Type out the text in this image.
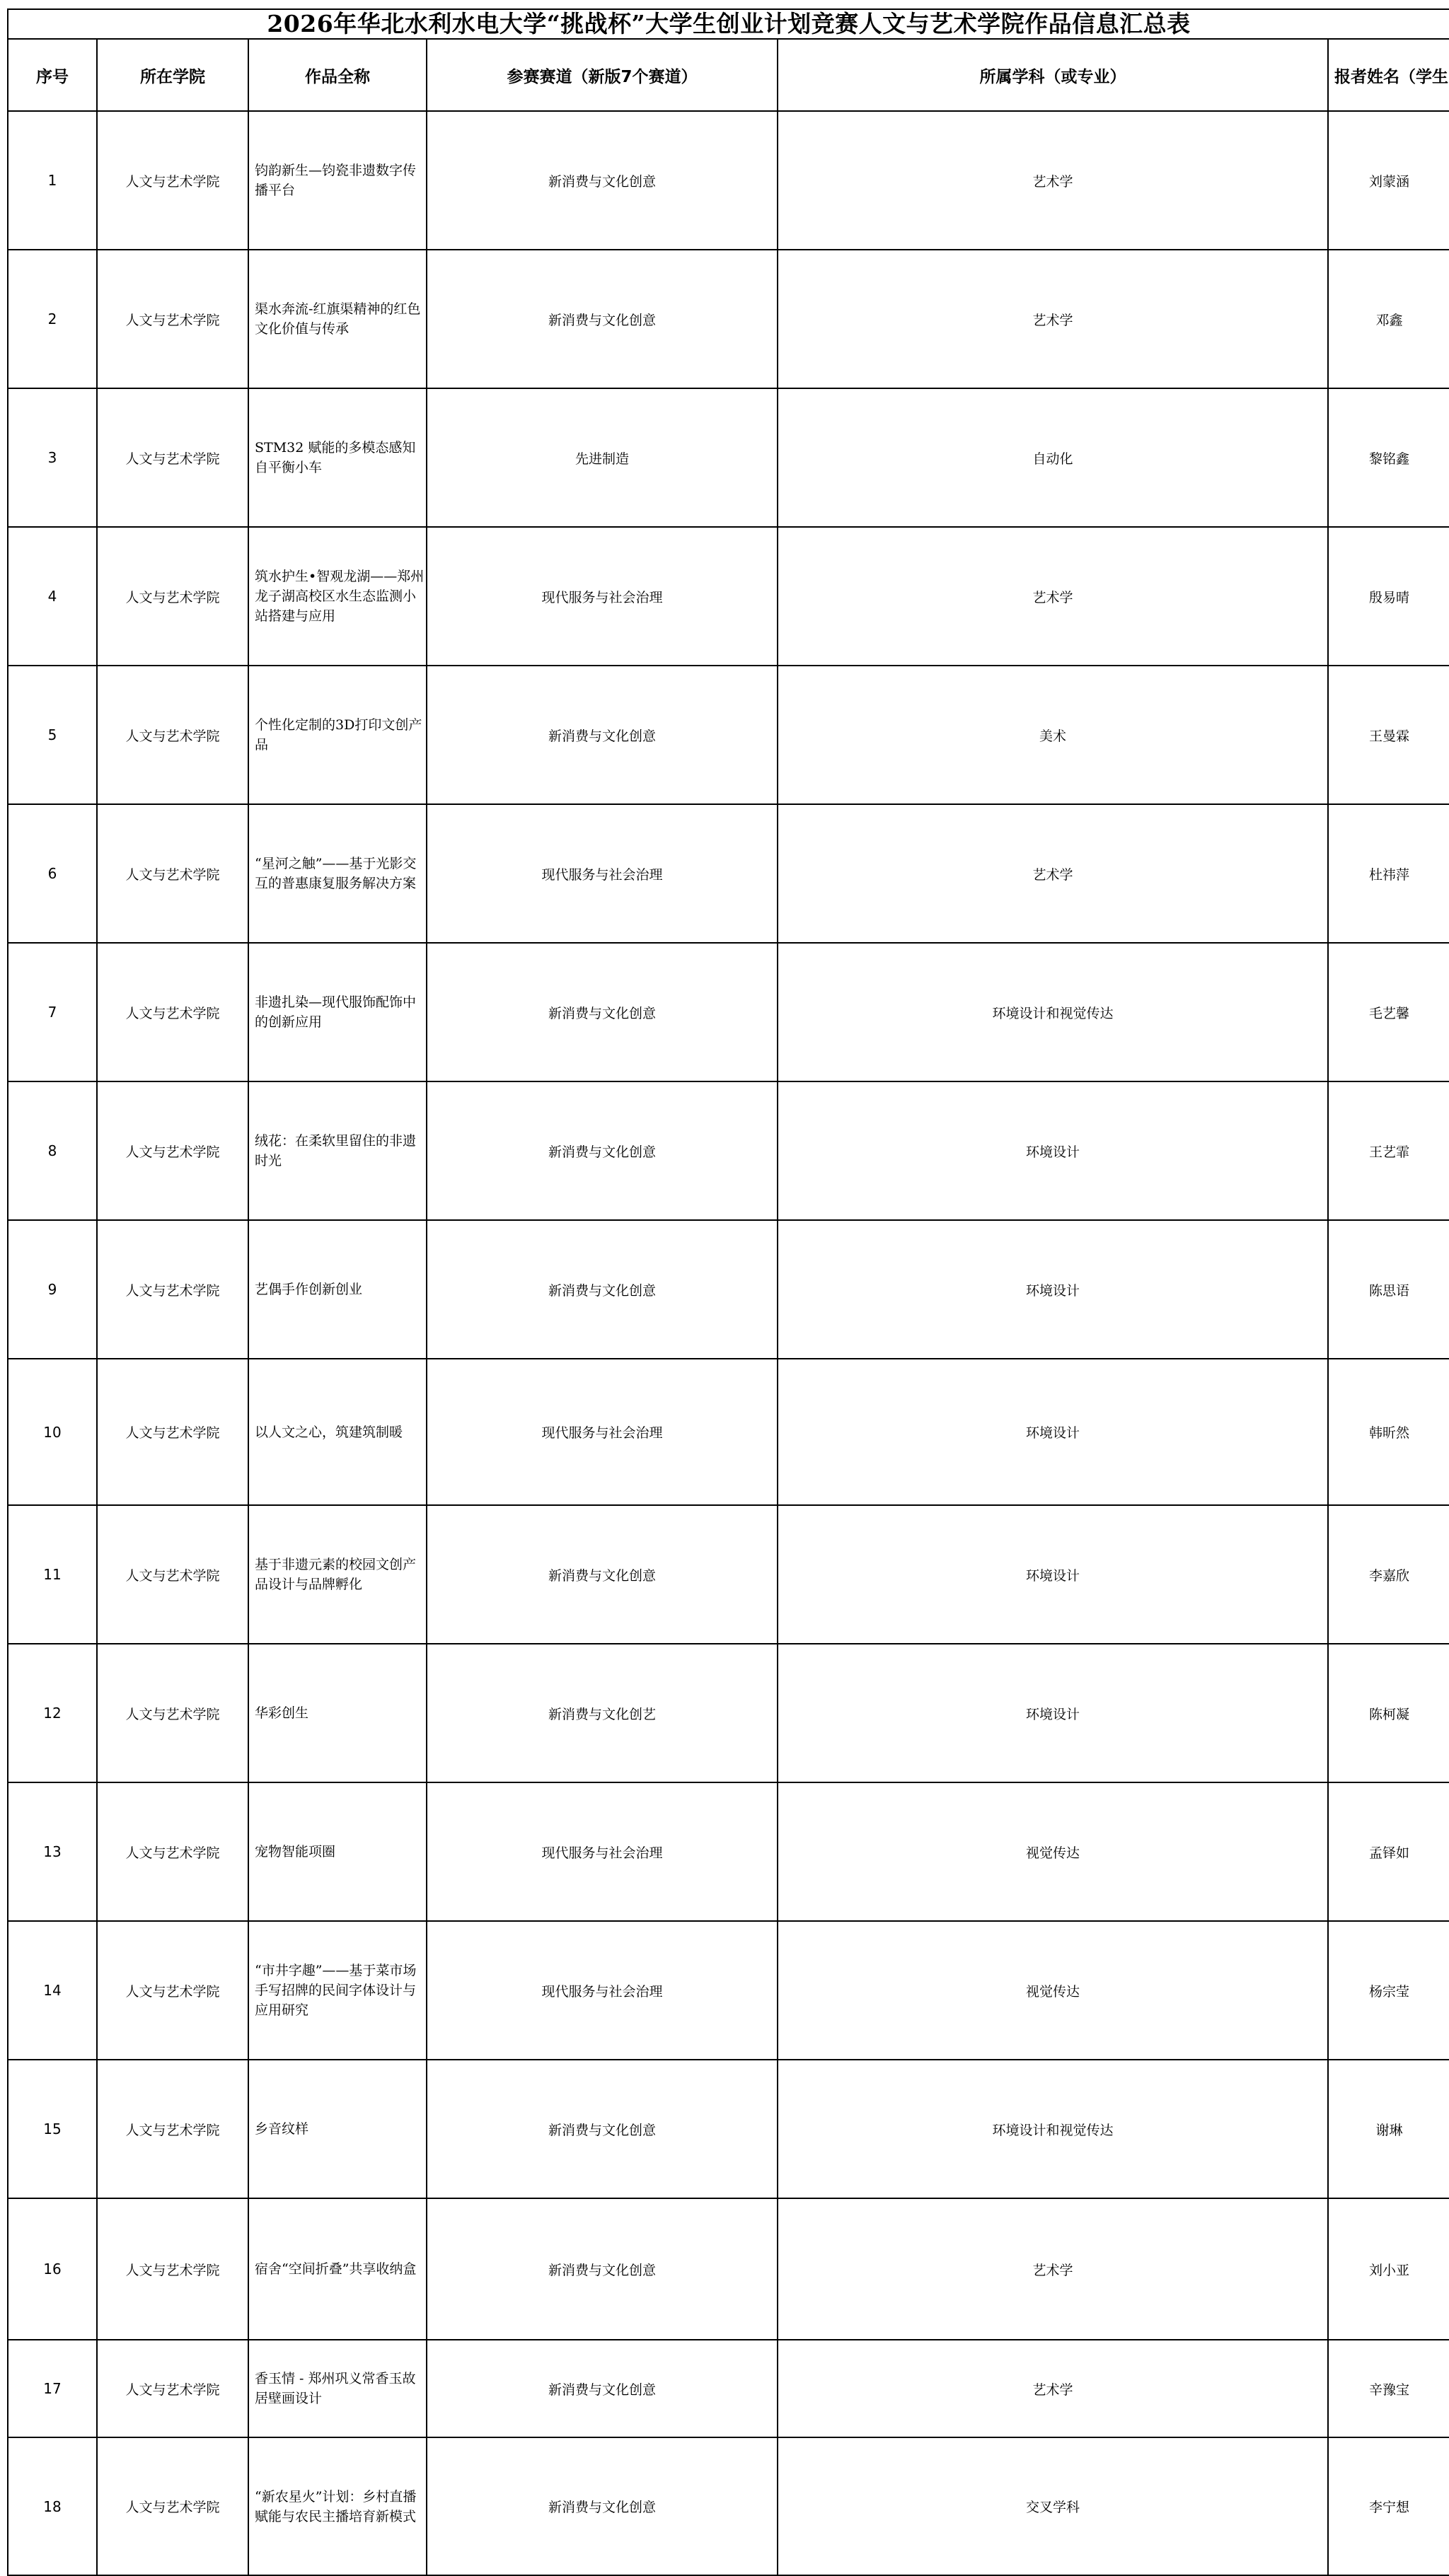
2026年华北水利水电大学“挑战杯”大学生创业计划竞赛人文与艺术学院作品信息汇总表
序号	所在学院	作品全称	参赛赛道（新版7个赛道）	所属学科（或专业）	报者姓名（学生
1	人文与艺术学院	钧韵新生—钧瓷非遗数字传播平台	新消费与文化创意	艺术学	刘蒙涵
2	人文与艺术学院	渠水奔流-红旗渠精神的红色文化价值与传承	新消费与文化创意	艺术学	邓鑫
3	人文与艺术学院	STM32 赋能的多模态感知自平衡小车	先进制造	自动化	黎铭鑫
4	人文与艺术学院	筑水护生•智观龙湖——郑州龙子湖高校区水生态监测小站搭建与应用	现代服务与社会治理	艺术学	殷易晴
5	人文与艺术学院	个性化定制的3D打印文创产品	新消费与文化创意	美术	王曼霖
6	人文与艺术学院	“星河之触”——基于光影交互的普惠康复服务解决方案	现代服务与社会治理	艺术学	杜祎萍
7	人文与艺术学院	非遗扎染—现代服饰配饰中的创新应用	新消费与文化创意	环境设计和视觉传达	毛艺馨
8	人文与艺术学院	绒花：在柔软里留住的非遗时光	新消费与文化创意	环境设计	王艺霏
9	人文与艺术学院	艺偶手作创新创业	新消费与文化创意	环境设计	陈思语
10	人文与艺术学院	以人文之心，筑建筑制暖	现代服务与社会治理	环境设计	韩昕然
11	人文与艺术学院	基于非遗元素的校园文创产品设计与品牌孵化	新消费与文化创意	环境设计	李嘉欣
12	人文与艺术学院	华彩创生	新消费与文化创艺	环境设计	陈柯凝
13	人文与艺术学院	宠物智能项圈	现代服务与社会治理	视觉传达	孟铎如
14	人文与艺术学院	“市井字趣”——基于菜市场手写招牌的民间字体设计与应用研究	现代服务与社会治理	视觉传达	杨宗莹
15	人文与艺术学院	乡音纹样	新消费与文化创意	环境设计和视觉传达	谢琳
16	人文与艺术学院	宿舍“空间折叠”共享收纳盒	新消费与文化创意	艺术学	刘小亚
17	人文与艺术学院	香玉情 - 郑州巩义常香玉故居壁画设计	新消费与文化创意	艺术学	辛豫宝
18	人文与艺术学院	“新农星火”计划：乡村直播赋能与农民主播培育新模式	新消费与文化创意	交叉学科	李宁想
